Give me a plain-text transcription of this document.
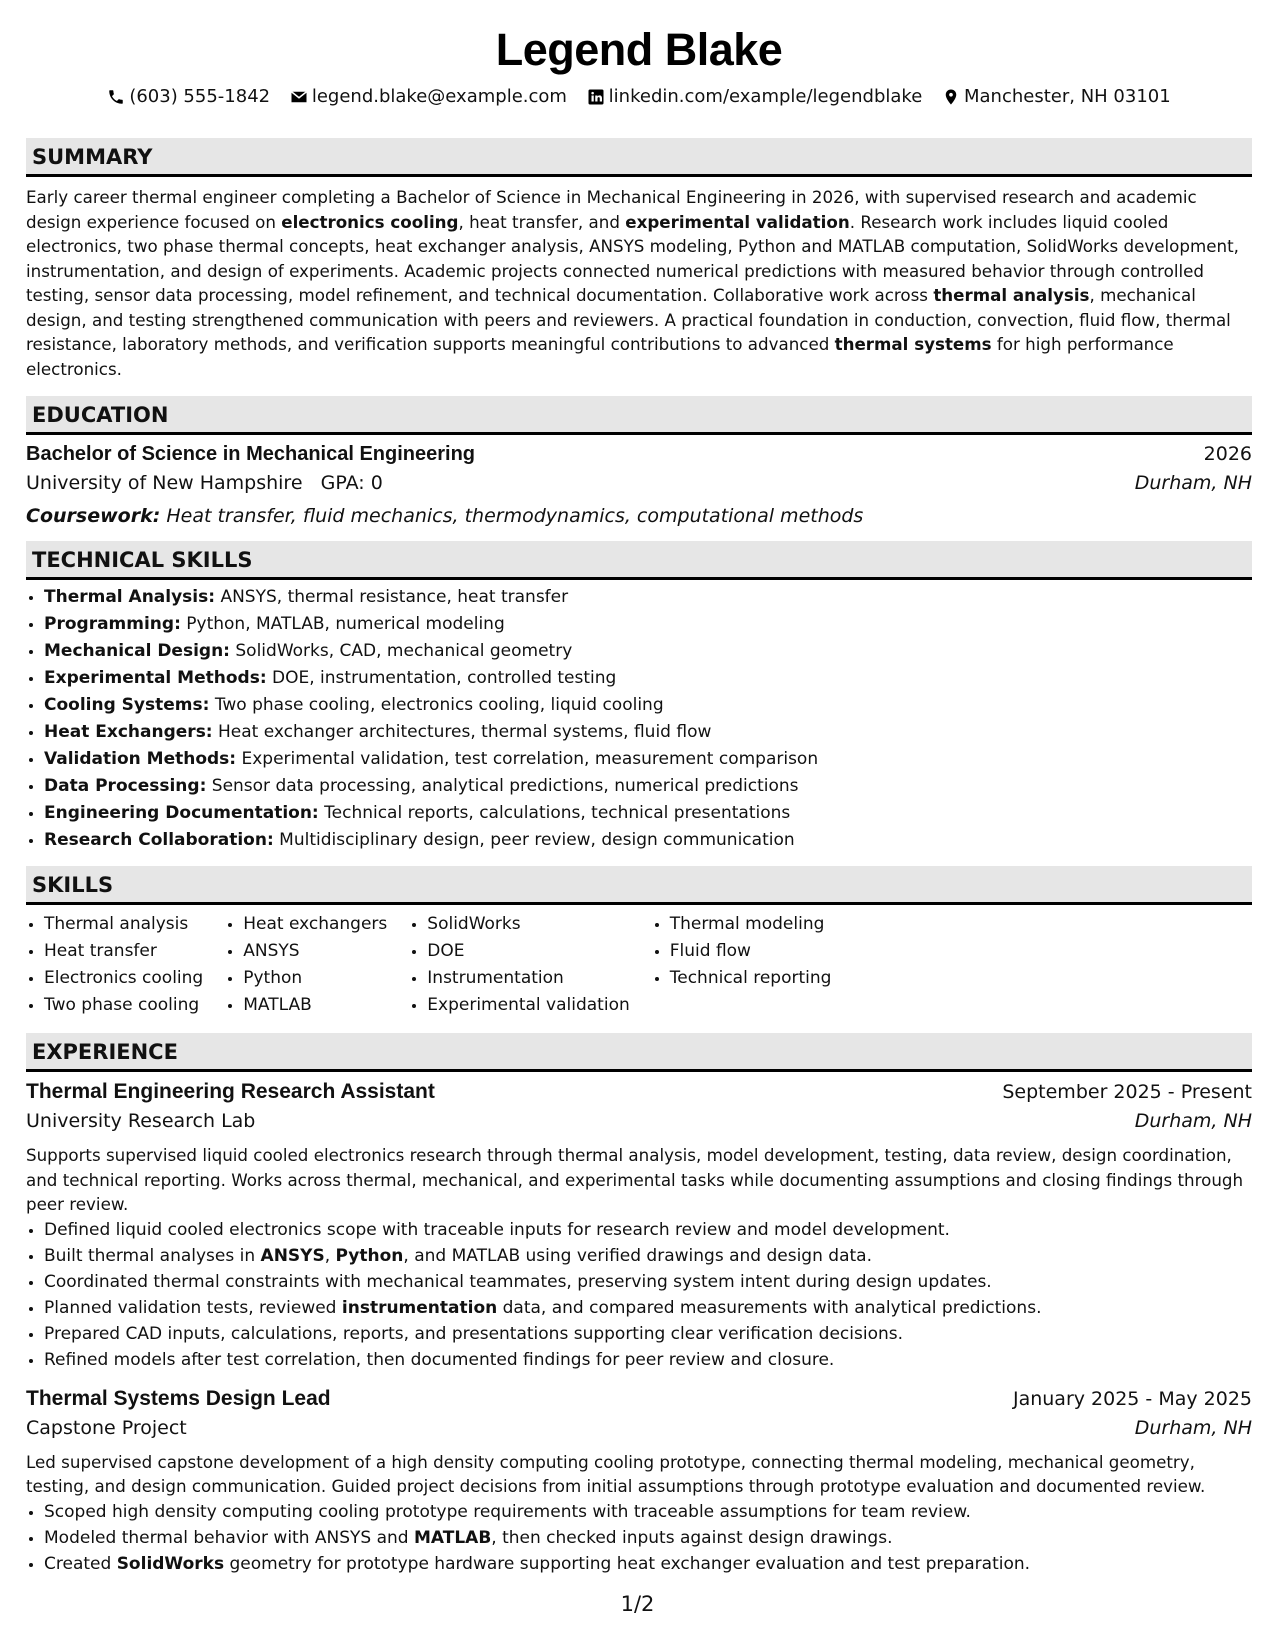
Legend Blake
(603) 555-1842
legend.blake@example.com
linkedin.com/example/legendblake
Manchester, NH 03101
SUMMARY

Early career thermal engineer completing a Bachelor of Science in Mechanical Engineering in 2026, with supervised research and academic design experience focused on electronics cooling, heat transfer, and experimental validation. Research work includes liquid cooled electronics, two phase thermal concepts, heat exchanger analysis, ANSYS modeling, Python and MATLAB computation, SolidWorks development, instrumentation, and design of experiments. Academic projects connected numerical predictions with measured behavior through controlled testing, sensor data processing, model refinement, and technical documentation. Collaborative work across thermal analysis, mechanical design, and testing strengthened communication with peers and reviewers. A practical foundation in conduction, convection, fluid flow, thermal resistance, laboratory methods, and verification supports meaningful contributions to advanced thermal systems for high performance electronics.

EDUCATION
Bachelor of Science in Mechanical Engineering	2026
University of New Hampshire GPA: 0	Durham, NH
Coursework: Heat transfer, fluid mechanics, thermodynamics, computational methods
TECHNICAL SKILLS
• Thermal Analysis: ANSYS, thermal resistance, heat transfer
• Programming: Python, MATLAB, numerical modeling
• Mechanical Design: SolidWorks, CAD, mechanical geometry
• Experimental Methods: DOE, instrumentation, controlled testing
• Cooling Systems: Two phase cooling, electronics cooling, liquid cooling
• Heat Exchangers: Heat exchanger architectures, thermal systems, fluid flow
• Validation Methods: Experimental validation, test correlation, measurement comparison
• Data Processing: Sensor data processing, analytical predictions, numerical predictions
• Engineering Documentation: Technical reports, calculations, technical presentations
• Research Collaboration: Multidisciplinary design, peer review, design communication
SKILLS
• Thermal analysis
• Heat transfer
• Electronics cooling
• Two phase cooling
• Heat exchangers
• ANSYS
• Python
• MATLAB
• SolidWorks
• DOE
• Instrumentation
• Experimental validation
• Thermal modeling
• Fluid flow
• Technical reporting
EXPERIENCE
Thermal Engineering Research Assistant	September 2025 - Present
University Research Lab	Durham, NH

Supports supervised liquid cooled electronics research through thermal analysis, model development, testing, data review, design coordination, and technical reporting. Works across thermal, mechanical, and experimental tasks while documenting assumptions and closing findings through peer review.

• Defined liquid cooled electronics scope with traceable inputs for research review and model development.
• Built thermal analyses in ANSYS, Python, and MATLAB using verified drawings and design data.
• Coordinated thermal constraints with mechanical teammates, preserving system intent during design updates.
• Planned validation tests, reviewed instrumentation data, and compared measurements with analytical predictions.
• Prepared CAD inputs, calculations, reports, and presentations supporting clear verification decisions.
• Refined models after test correlation, then documented findings for peer review and closure.
Thermal Systems Design Lead	January 2025 - May 2025
Capstone Project	Durham, NH

Led supervised capstone development of a high density computing cooling prototype, connecting thermal modeling, mechanical geometry, testing, and design communication. Guided project decisions from initial assumptions through prototype evaluation and documented review.

• Scoped high density computing cooling prototype requirements with traceable assumptions for team review.
• Modeled thermal behavior with ANSYS and MATLAB, then checked inputs against design drawings.
• Created SolidWorks geometry for prototype hardware supporting heat exchanger evaluation and test preparation.
1/2
